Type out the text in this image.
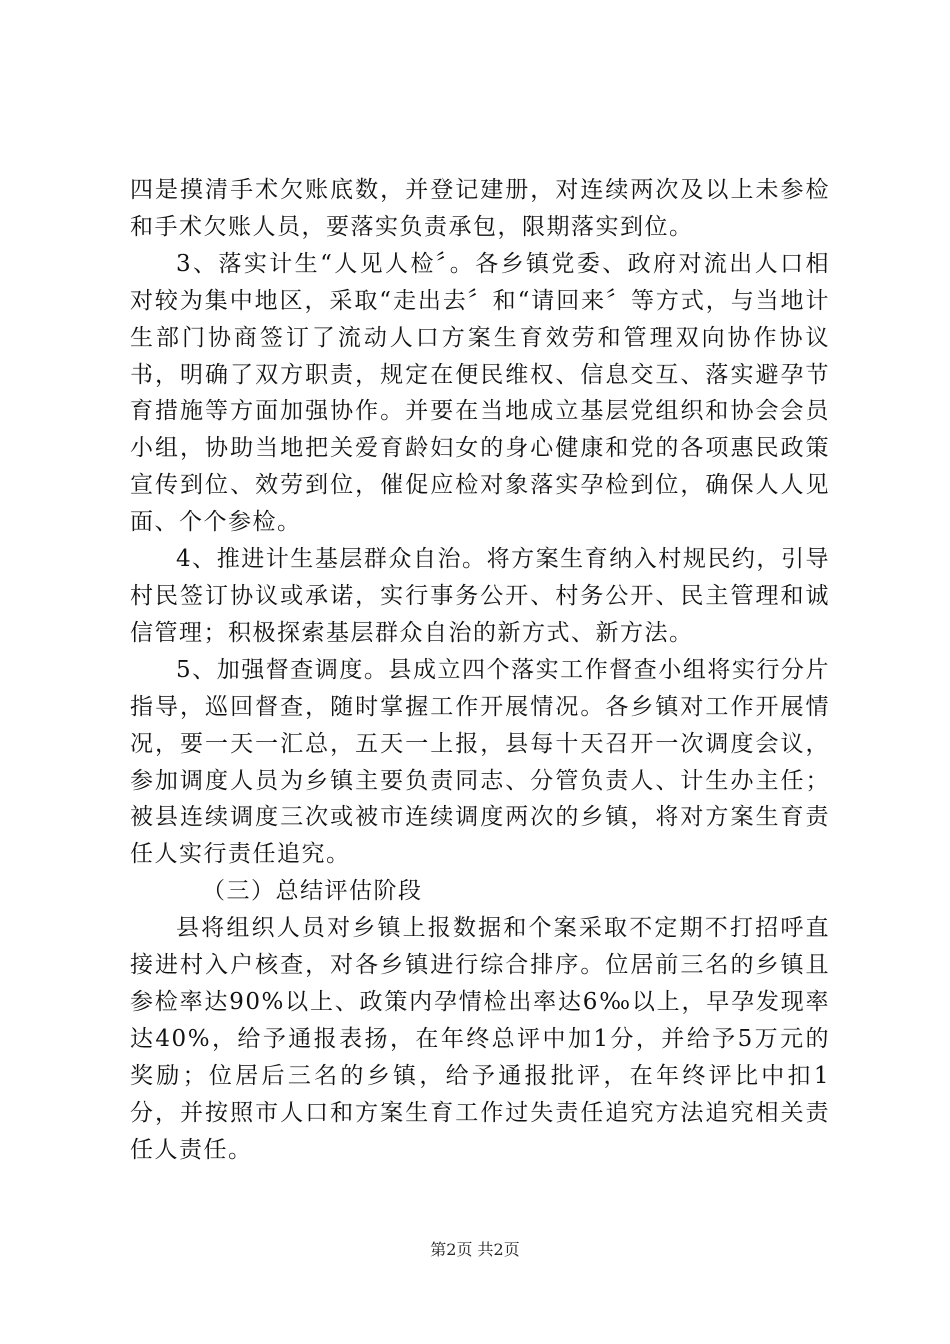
四是摸清手术欠账底数，并登记建册，对连续两次及以上未参检和手术欠账人员，要落实负责承包，限期落实到位。

3、落实计生“人见人检〞。各乡镇党委、政府对流出人口相对较为集中地区，采取“走出去〞和“请回来〞等方式，与当地计生部门协商签订了流动人口方案生育效劳和管理双向协作协议书，明确了双方职责，规定在便民维权、信息交互、落实避孕节育措施等方面加强协作。并要在当地成立基层党组织和协会会员小组，协助当地把关爱育龄妇女的身心健康和党的各项惠民政策宣传到位、效劳到位，催促应检对象落实孕检到位，确保人人见面、个个参检。

4、推进计生基层群众自治。将方案生育纳入村规民约，引导村民签订协议或承诺，实行事务公开、村务公开、民主管理和诚信管理；积极探索基层群众自治的新方式、新方法。

5、加强督查调度。县成立四个落实工作督查小组将实行分片指导，巡回督查，随时掌握工作开展情况。各乡镇对工作开展情况，要一天一汇总，五天一上报，县每十天召开一次调度会议，参加调度人员为乡镇主要负责同志、分管负责人、计生办主任；被县连续调度三次或被市连续调度两次的乡镇，将对方案生育责任人实行责任追究。

（三）总结评估阶段

县将组织人员对乡镇上报数据和个案采取不定期不打招呼直接进村入户核查，对各乡镇进行综合排序。位居前三名的乡镇且参检率达90%以上、政策内孕情检出率达6‰以上，早孕发现率达40%，给予通报表扬，在年终总评中加1分，并给予5万元的奖励；位居后三名的乡镇，给予通报批评，在年终评比中扣1分，并按照市人口和方案生育工作过失责任追究方法追究相关责任人责任。

第2页 共2页
